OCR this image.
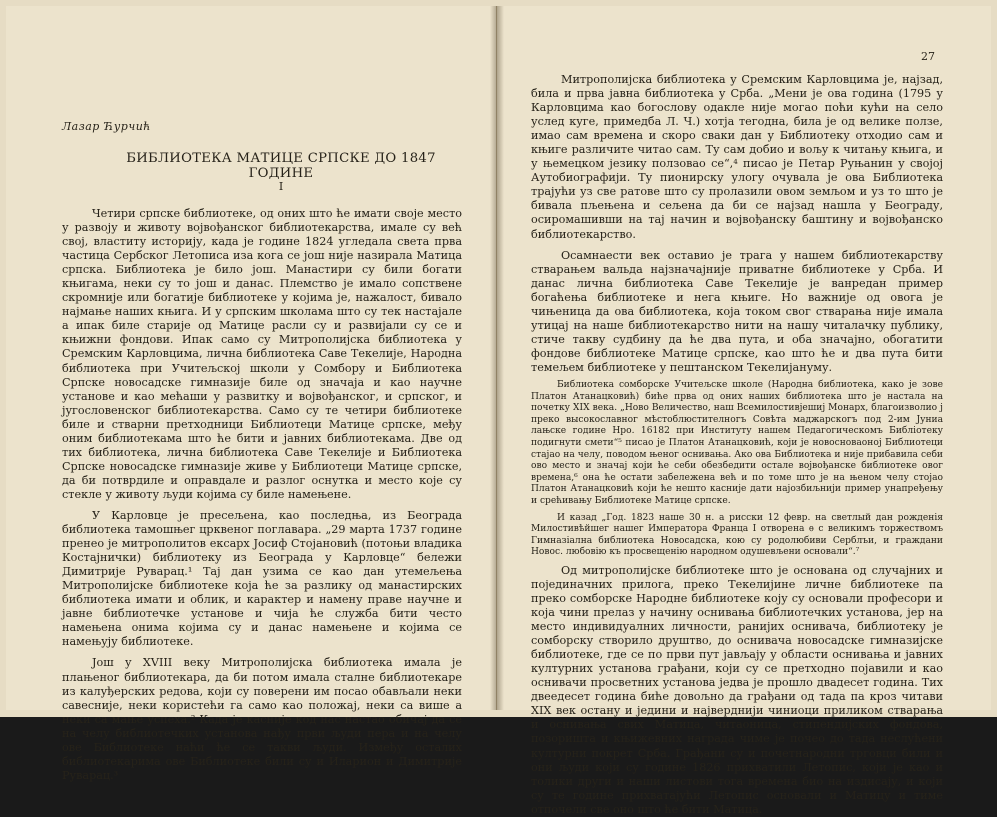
Лазар Ћурчић
БИБЛИОТЕКА МАТИЦЕ СРПСКЕ ДО 1847 ГОДИНЕ
I

Четири српске библиотеке, од оних што ће имати своје место у развоју и животу војвођанског библиотекарства, имале су већ свој, властиту историју, када је године 1824 угледала света прва частица Сербског Летописа иза кога се још није назирала Матица српска. Библиотека је било још. Манастири су били богати књигама, неки су то још и данас. Племство је имало сопствене скромније или богатије библиотеке у којима је, нажалост, бивало најмање наших књига. И у српским школама што су тек настајале а ипак биле старије од Матице расли су и развијали су се и књижни фондови. Ипак само су Митрополијска библиотека у Сремским Карловцима, лична библиотека Саве Текелије, Народна библиотека при Учитељској школи у Сомбору и Библиотека Српске новосадске гимназије биле од значаја и као научне установе и као мећаши у развитку и војвођанског, и српског, и југословенског библиотекарства. Само су те четири библиотеке биле и стварни претходници Библиотеци Матице српске, међу оним библиотекама што ће бити и јавних библиотекама. Две од тих библиотека, лична библиотека Саве Текелије и Библиотека Српске новосадске гимназије живе у Библиотеци Матице српске, да би потврдиле и оправдале и разлог оснутка и место које су стекле у животу људи којима су биле намењене.

У Карловце је пресељена, као последња, из Београда библиотека тамошњег црквеног поглавара. „29 марта 1737 године пренео је митрополитов ексарх Јосиф Стојановић (потоњи владика Костајнички) библиотеку из Београда у Карловце“ бележи Димитрије Руварац.¹ Тај дан узима се као дан утемељења Митрополијске библиотеке која ће за разлику од манастирских библиотека имати и облик, и карактер и намену праве научне и јавне библиотечке установе и чија ће служба бити често намењена онима којима су и данас намењене и којима се намењују библиотеке.

Још у XVIII веку Митрополијска библиотека имала је плањеног библиотекара, да би потом имала сталне библиотекаре из калуђерских редова, који су поверени им посао обављали неки савесније, неки користећи га само као положај, неки са више а неки са мање успеха.² Када је касније код нас настао обичај да се на челу библиотечких установа нађу први људи пера и на челу ове Библиотеке наћи ће се такви људи. Између осталих библиотекарима ове Библиотеке били су и Иларион и Димитрије Руварац.³

27

Митрополијска библиотека у Сремским Карловцима је, најзад, била и прва јавна библиотека у Срба. „Мени је ова година (1795 у Карловцима као богослову одакле није могао поћи кући на село услед куге, примедба Л. Ч.) хотја тегодна, била је од велике ползе, имао сам времена и скоро сваки дан у Библиотеку отходио сам и књиге различите читао сам. Ту сам добио и вољу к читању књига, и у њемецком језику ползовао се“,⁴ писао је Петар Руњанин у својој Аутобиографији. Ту пионирску улогу очувала је ова Библиотека трајући уз све ратове што су пролазили овом земљом и уз то што је бивала пљењена и сељена да би се најзад нашла у Београду, осиромашивши на тај начин и војвођанску баштину и војвођанско библиотекарство.

Осамнаести век оставио је трага у нашем библиотекарству стварањем вальда најзначајније приватне библиотеке у Срба. И данас лична библиотека Саве Текелије је ванредан пример богаћења библиотеке и нега књиге. Но важније од овога је чињеница да ова библиотека, која током свог стварања није имала утицај на наше библиотекарство нити на нашу читалачку публику, стиче такву судбину да ће два пута, и оба значајно, обогатити фондове библиотеке Матице српске, као што ће и два пута бити темељем библиотеке у пештанском Текелијануму.

Библиотека сомборске Учитељске школе (Народна библиотека, како је зове Платон Атанацковић) биће прва од оних наших библиотека што је настала на почетку XIX века. „Ново Величество, наш Всемилостивјешиј Монарх, благоизволио ј преко высокославног мѣстоблюстителногъ Совѣта маджарскогъ под 2-им Јуниа лањске године Нро. 16182 при Институту нашем Педагогическомъ Библіотеку подигнути смети“⁵ писао је Платон Атанацковић, који је новосноваоној Библиотеци стајао на челу, поводом њеног оснивања. Ако ова Библиотека и није прибавила себи ово место и значај који ће себи обезбедити остале војвођанске библиотеке овог времена,⁶ она ће остати забележена већ и по томе што је на њеном челу стојао Платон Атанацковић који ће нешто касније дати најозбиљнији пример унапређењу и срећивању Библиотеке Матице српске.

И казад „Год. 1823 наше 30 н. а рисски 12 февр. на светлый дан рожденія Милостивѣйшег нашег Императора Франца І отворена ѳ с великимъ торжествомъ Гимназіална библиотека Новосадска, кою су родолюбиви Серблъи, и граждани Новос. любовію къ просвещенію народном одушевљени основали“.⁷

Од митрополијске библиотеке што је основана од случајних и појединачних прилога, преко Текелијине личне библиотеке па преко сомборске Народне библиотеке коју су основали професори и која чини прелаз у начину оснивања библиотечких установа, јер на место индивидуалних личности, ранијих оснивача, библиотеку је сомборску створило друштво, до оснивача новосадске гимназијске библиотеке, где се по први пут јављају у области оснивања и јавних културних установа грађани, који су се претходно појавили и као оснивачи просветних установа једва је прошло двадесет година. Тих двеедесет година биће довољно да грађани од тада па кроз читави XIX век остану и једини и најверднији чиниоци приликом стварања и оснивања свих Матица, читаоница, стипендијских фондова, позоришта и књижевних награда чиме је почео до тада неслућени културни покрет Срба. Грађани су и почетнародни трговци били и они људи који су године 1826 прихватили Летопис, који је као и толики други и наши листови тога времена био на издисају, и који су те године прихватајући Летопис основали и Матицу и тиме отпочели све оно што ће бити Матица.
